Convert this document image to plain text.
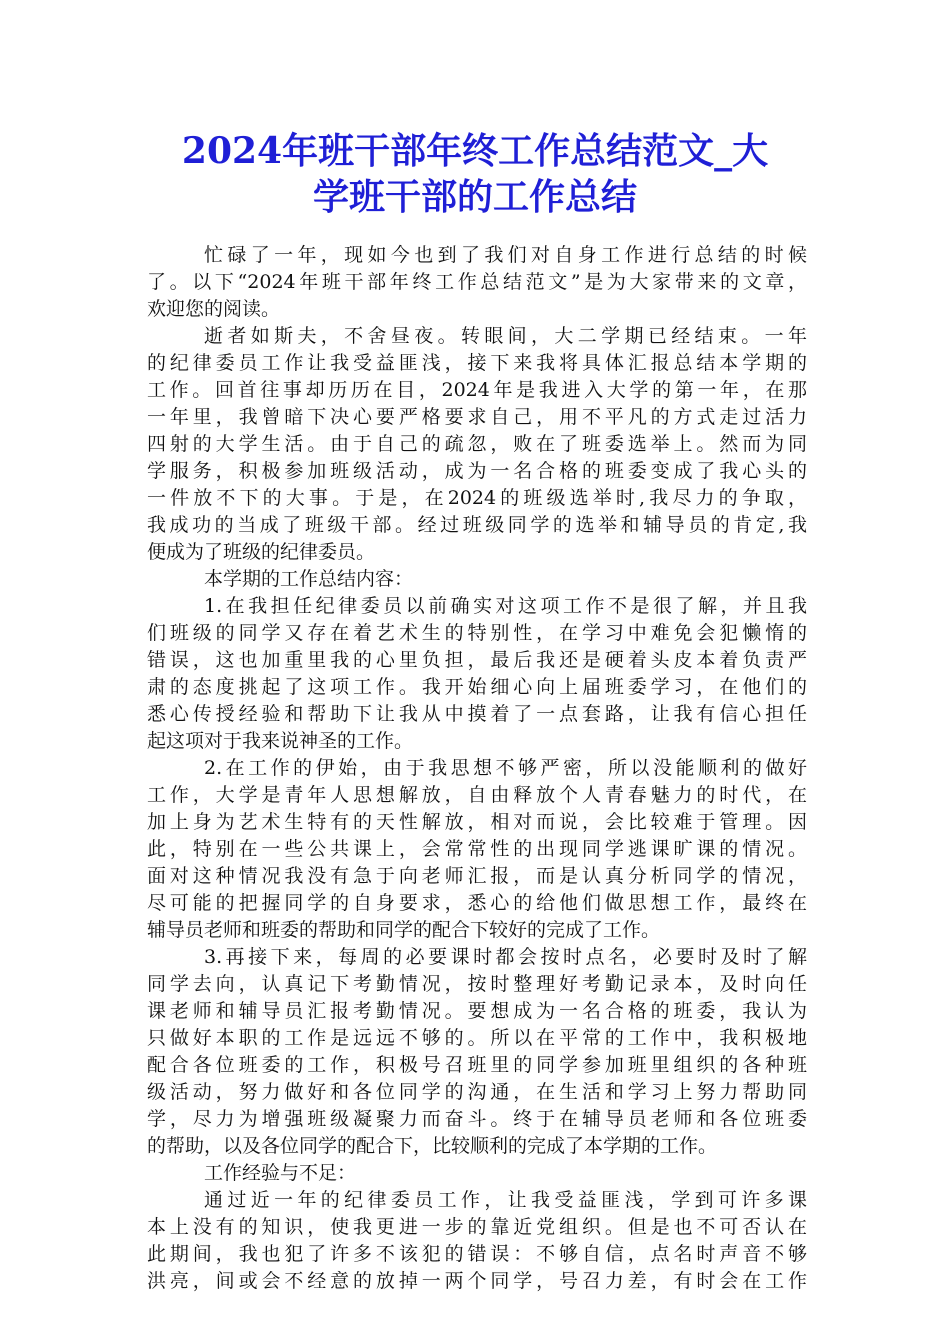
2024年班干部年终工作总结范文_大
学班干部的工作总结
忙碌了一年，现如今也到了我们对自身工作进行总结的时候
了。以下“2024年班干部年终工作总结范文”是为大家带来的文章，
欢迎您的阅读。
逝者如斯夫，不舍昼夜。转眼间，大二学期已经结束。一年
的纪律委员工作让我受益匪浅，接下来我将具体汇报总结本学期的
工作。回首往事却历历在目，2024年是我进入大学的第一年，在那
一年里，我曾暗下决心要严格要求自己，用不平凡的方式走过活力
四射的大学生活。由于自己的疏忽，败在了班委选举上。然而为同
学服务，积极参加班级活动，成为一名合格的班委变成了我心头的
一件放不下的大事。于是，在2024的班级选举时,我尽力的争取，
我成功的当成了班级干部。经过班级同学的选举和辅导员的肯定,我
便成为了班级的纪律委员。
本学期的工作总结内容：
1.在我担任纪律委员以前确实对这项工作不是很了解，并且我
们班级的同学又存在着艺术生的特别性，在学习中难免会犯懒惰的
错误，这也加重里我的心里负担，最后我还是硬着头皮本着负责严
肃的态度挑起了这项工作。我开始细心向上届班委学习，在他们的
悉心传授经验和帮助下让我从中摸着了一点套路，让我有信心担任
起这项对于我来说神圣的工作。
2.在工作的伊始，由于我思想不够严密，所以没能顺利的做好
工作，大学是青年人思想解放，自由释放个人青春魅力的时代，在
加上身为艺术生特有的天性解放，相对而说，会比较难于管理。因
此，特别在一些公共课上，会常常性的出现同学逃课旷课的情况。
面对这种情况我没有急于向老师汇报，而是认真分析同学的情况，
尽可能的把握同学的自身要求，悉心的给他们做思想工作，最终在
辅导员老师和班委的帮助和同学的配合下较好的完成了工作。
3.再接下来，每周的必要课时都会按时点名，必要时及时了解
同学去向，认真记下考勤情况，按时整理好考勤记录本，及时向任
课老师和辅导员汇报考勤情况。要想成为一名合格的班委，我认为
只做好本职的工作是远远不够的。所以在平常的工作中，我积极地
配合各位班委的工作，积极号召班里的同学参加班里组织的各种班
级活动，努力做好和各位同学的沟通，在生活和学习上努力帮助同
学，尽力为增强班级凝聚力而奋斗。终于在辅导员老师和各位班委
的帮助，以及各位同学的配合下，比较顺利的完成了本学期的工作。
工作经验与不足：
通过近一年的纪律委员工作，让我受益匪浅，学到可许多课
本上没有的知识，使我更进一步的靠近党组织。但是也不可否认在
此期间，我也犯了许多不该犯的错误：不够自信，点名时声音不够
洪亮，间或会不经意的放掉一两个同学，号召力差，有时会在工作
